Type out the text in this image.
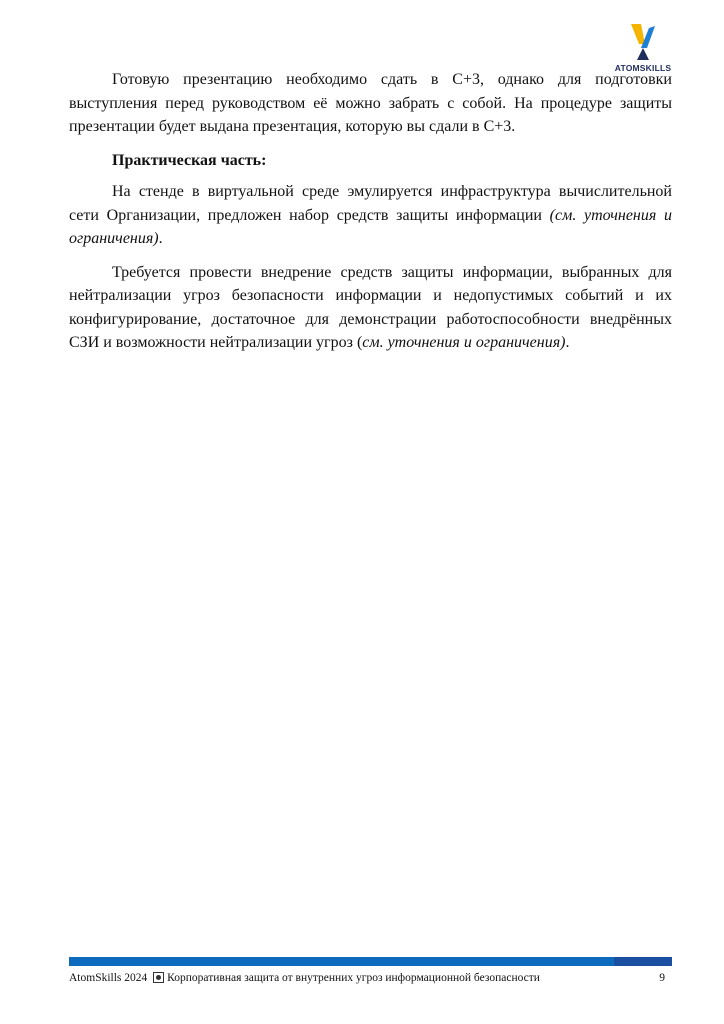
ATOMSKILLS

Готовую презентацию необходимо сдать в С+3, однако для подготовки выступления перед руководством её можно забрать с собой. На процедуре защиты презентации будет выдана презентация, которую вы сдали в С+3.

Практическая часть:

На стенде в виртуальной среде эмулируется инфраструктура вычислительной сети Организации, предложен набор средств защиты информации (см. уточнения и ограничения).

Требуется провести внедрение средств защиты информации, выбранных для нейтрализации угроз безопасности информации и недопустимых событий и их конфигурирование, достаточное для демонстрации работоспособности внедрённых СЗИ и возможности нейтрализации угроз (см. уточнения и ограничения).

AtomSkills 2024 Корпоративная защита от внутренних угроз информационной безопасности	9
